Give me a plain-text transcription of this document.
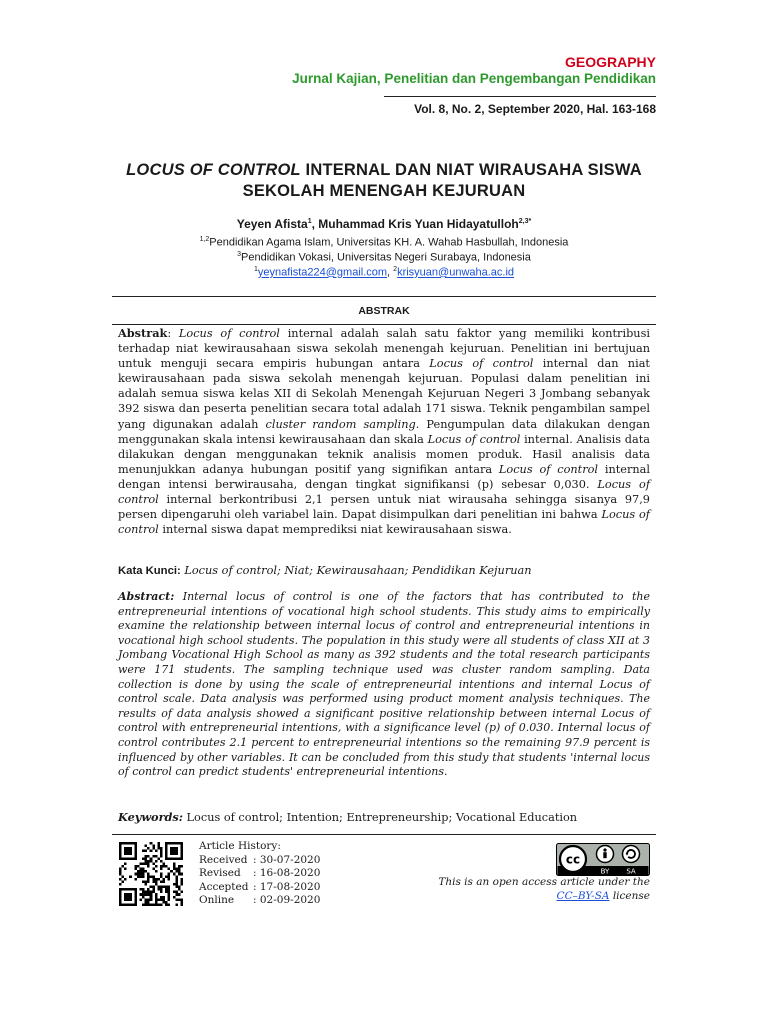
GEOGRAPHY
Jurnal Kajian, Penelitian dan Pengembangan Pendidikan
Vol. 8, No. 2, September 2020, Hal. 163-168
LOCUS OF CONTROL INTERNAL DAN NIAT WIRAUSAHA SISWA
SEKOLAH MENENGAH KEJURUAN
Yeyen Afista$^1$, Muhammad Kris Yuan Hidayatulloh$^{2,3*}$
$^{1,2}$Pendidikan Agama Islam, Universitas KH. A. Wahab Hasbullah, Indonesia
$^3$Pendidikan Vokasi, Universitas Negeri Surabaya, Indonesia
$^1$yeynafista224@gmail.com, $^2$krisyuan@unwaha.ac.id
ABSTRAK
Abstrak: Locus of control internal adalah salah satu faktor yang memiliki kontribusi terhadap niat kewirausahaan siswa sekolah menengah kejuruan. Penelitian ini bertujuan untuk menguji secara empiris hubungan antara Locus of control internal dan niat kewirausahaan pada siswa sekolah menengah kejuruan. Populasi dalam penelitian ini adalah semua siswa kelas XII di Sekolah Menengah Kejuruan Negeri 3 Jombang sebanyak 392 siswa dan peserta penelitian secara total adalah 171 siswa. Teknik pengambilan sampel yang digunakan adalah cluster random sampling. Pengumpulan data dilakukan dengan menggunakan skala intensi kewirausahaan dan skala Locus of control internal. Analisis data dilakukan dengan menggunakan teknik analisis momen produk. Hasil analisis data menunjukkan adanya hubungan positif yang signifikan antara Locus of control internal dengan intensi berwirausaha, dengan tingkat signifikansi (p) sebesar 0,030. Locus of control internal berkontribusi 2,1 persen untuk niat wirausaha sehingga sisanya 97,9 persen dipengaruhi oleh variabel lain. Dapat disimpulkan dari penelitian ini bahwa Locus of control internal siswa dapat memprediksi niat kewirausahaan siswa.
Kata Kunci: Locus of control; Niat; Kewirausahaan; Pendidikan Kejuruan
Abstract: Internal locus of control is one of the factors that has contributed to the entrepreneurial intentions of vocational high school students. This study aims to empirically examine the relationship between internal locus of control and entrepreneurial intentions in vocational high school students. The population in this study were all students of class XII at 3 Jombang Vocational High School as many as 392 students and the total research participants were 171 students. The sampling technique used was cluster random sampling. Data collection is done by using the scale of entrepreneurial intentions and internal Locus of control scale. Data analysis was performed using product moment analysis techniques. The results of data analysis showed a significant positive relationship between internal Locus of control with entrepreneurial intentions, with a significance level (p) of 0.030. Internal locus of control contributes 2.1 percent to entrepreneurial intentions so the remaining 97.9 percent is influenced by other variables. It can be concluded from this study that students 'internal locus of control can predict students' entrepreneurial intentions.
Keywords: Locus of control; Intention; Entrepreneurship; Vocational Education
Article History:
Received : 30-07-2020
Revised	: 16-08-2020
Accepted : 17-08-2020
Online	: 02-09-2020
cc
BY SA
This is an open access article under the
CC–BY-SA license
